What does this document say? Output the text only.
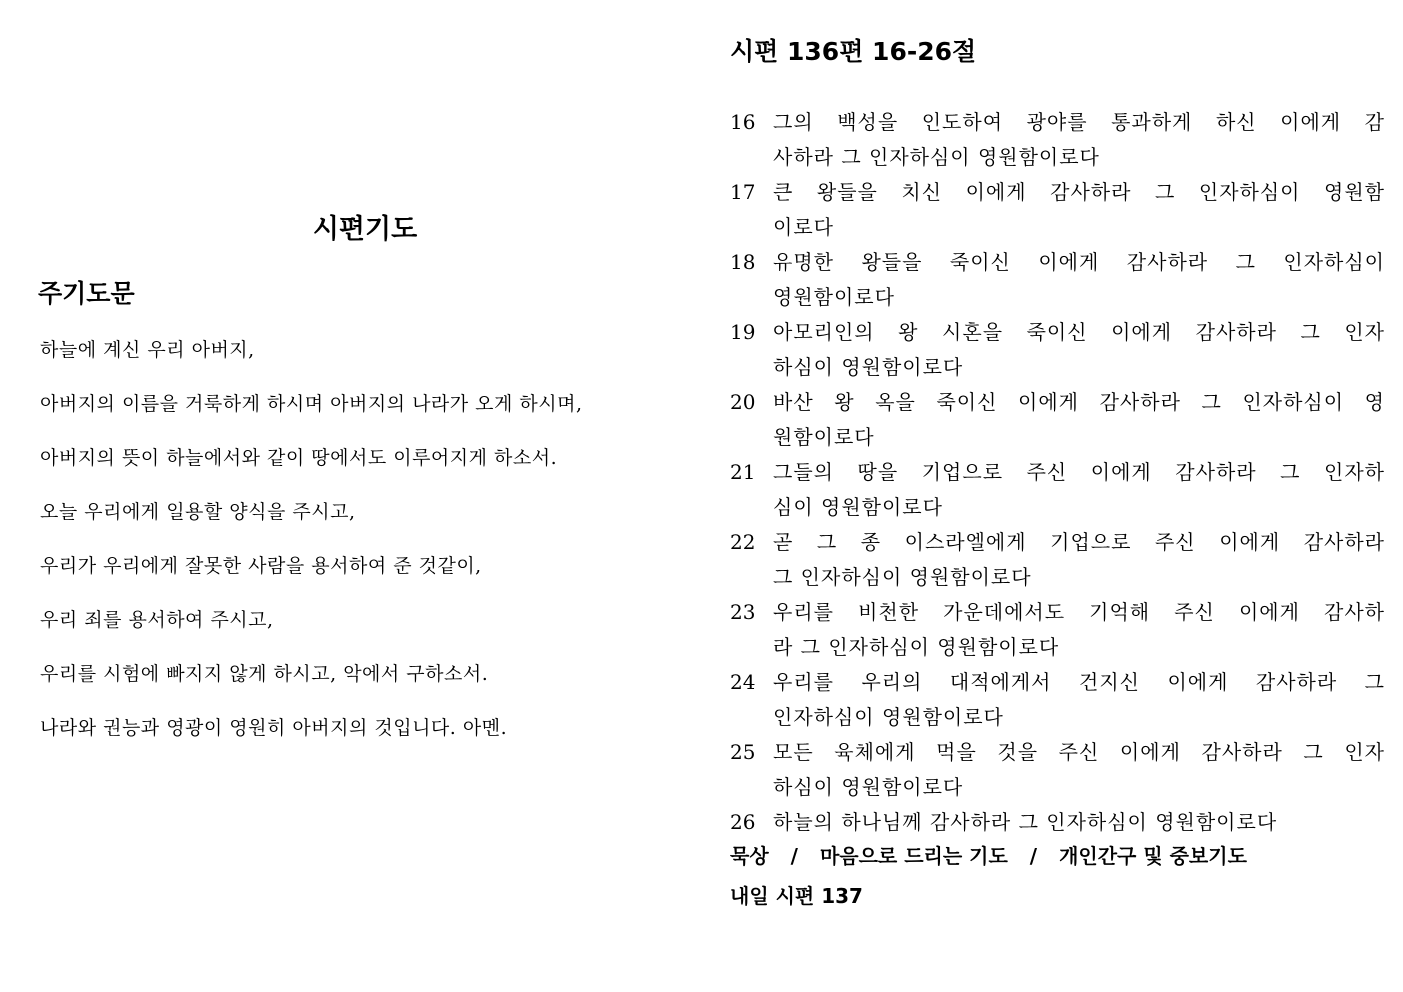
시편기도
주기도문
하늘에 계신 우리 아버지,
아버지의 이름을 거룩하게 하시며 아버지의 나라가 오게 하시며,
아버지의 뜻이 하늘에서와 같이 땅에서도 이루어지게 하소서.
오늘 우리에게 일용할 양식을 주시고,
우리가 우리에게 잘못한 사람을 용서하여 준 것같이,
우리 죄를 용서하여 주시고,
우리를 시험에 빠지지 않게 하시고, 악에서 구하소서.
나라와 권능과 영광이 영원히 아버지의 것입니다. 아멘.
시편 136편 16-26절
16 그의 백성을 인도하여 광야를 통과하게 하신 이에게 감
사하라 그 인자하심이 영원함이로다
17 큰 왕들을 치신 이에게 감사하라 그 인자하심이 영원함
이로다
18 유명한 왕들을 죽이신 이에게 감사하라 그 인자하심이
영원함이로다
19 아모리인의 왕 시혼을 죽이신 이에게 감사하라 그 인자
하심이 영원함이로다
20 바산 왕 옥을 죽이신 이에게 감사하라 그 인자하심이 영
원함이로다
21 그들의 땅을 기업으로 주신 이에게 감사하라 그 인자하
심이 영원함이로다
22 곧 그 종 이스라엘에게 기업으로 주신 이에게 감사하라
그 인자하심이 영원함이로다
23 우리를 비천한 가운데에서도 기억해 주신 이에게 감사하
라 그 인자하심이 영원함이로다
24 우리를 우리의 대적에게서 건지신 이에게 감사하라 그
인자하심이 영원함이로다
25 모든 육체에게 먹을 것을 주신 이에게 감사하라 그 인자
하심이 영원함이로다
26 하늘의 하나님께 감사하라 그 인자하심이 영원함이로다

묵상 / 마음으로 드리는 기도 / 개인간구 및 중보기도

내일 시편 137
